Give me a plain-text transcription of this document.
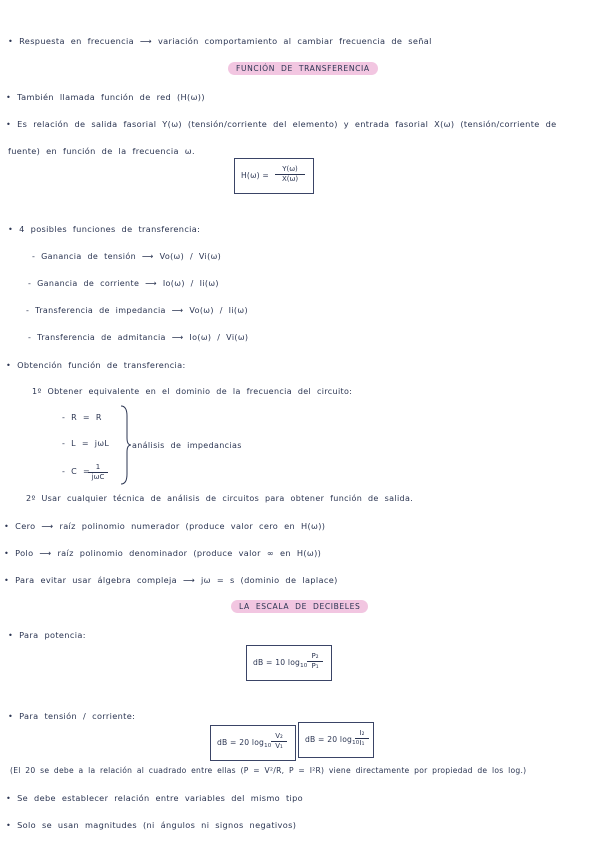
• Respuesta en frecuencia ⟶ variación comportamiento al cambiar frecuencia de señal
FUNCIÓN DE TRANSFERENCIA
• También llamada función de red (H(ω))
• Es relación de salida fasorial Y(ω) (tensión/corriente del elemento) y entrada fasorial X(ω) (tensión/corriente de
fuente) en función de la frecuencia ω.
$H(\omega) = \frac{Y(\omega)}{X(\omega)}$
• 4 posibles funciones de transferencia:
- Ganancia de tensión ⟶ Vo(ω) / Vi(ω)
- Ganancia de corriente ⟶ Io(ω) / Ii(ω)
- Transferencia de impedancia ⟶ Vo(ω) / Ii(ω)
- Transferencia de admitancia ⟶ Io(ω) / Vi(ω)
• Obtención función de transferencia:
1º Obtener equivalente en el dominio de la frecuencia del circuito:
- R = R
- L = jωL
- C = 1
jωC
análisis de impedancias
2º Usar cualquier técnica de análisis de circuitos para obtener función de salida.
• Cero ⟶ raíz polinomio numerador (produce valor cero en H(ω))
• Polo ⟶ raíz polinomio denominador (produce valor ∞ en H(ω))
• Para evitar usar álgebra compleja ⟶ jω = s (dominio de laplace)
LA ESCALA DE DECIBELES
• Para potencia:
dB = 10 $\log_{10} \frac{\text{P₂}}{\text{P₁}}$
• Para tensión / corriente:
dB = 20 $\log_{10} \frac{\text{V₂}}{\text{V₁}}$ dB = 20 $\log_{10}$
$\frac{\text{I₂}}{\text{I₁}}$
(El 20 se debe a la relación al cuadrado entre ellas (P = V²/R, P = I²R) viene directamente por propiedad de los log.)
• Se debe establecer relación entre variables del mismo tipo
• Solo se usan magnitudes (ni ángulos ni signos negativos)
